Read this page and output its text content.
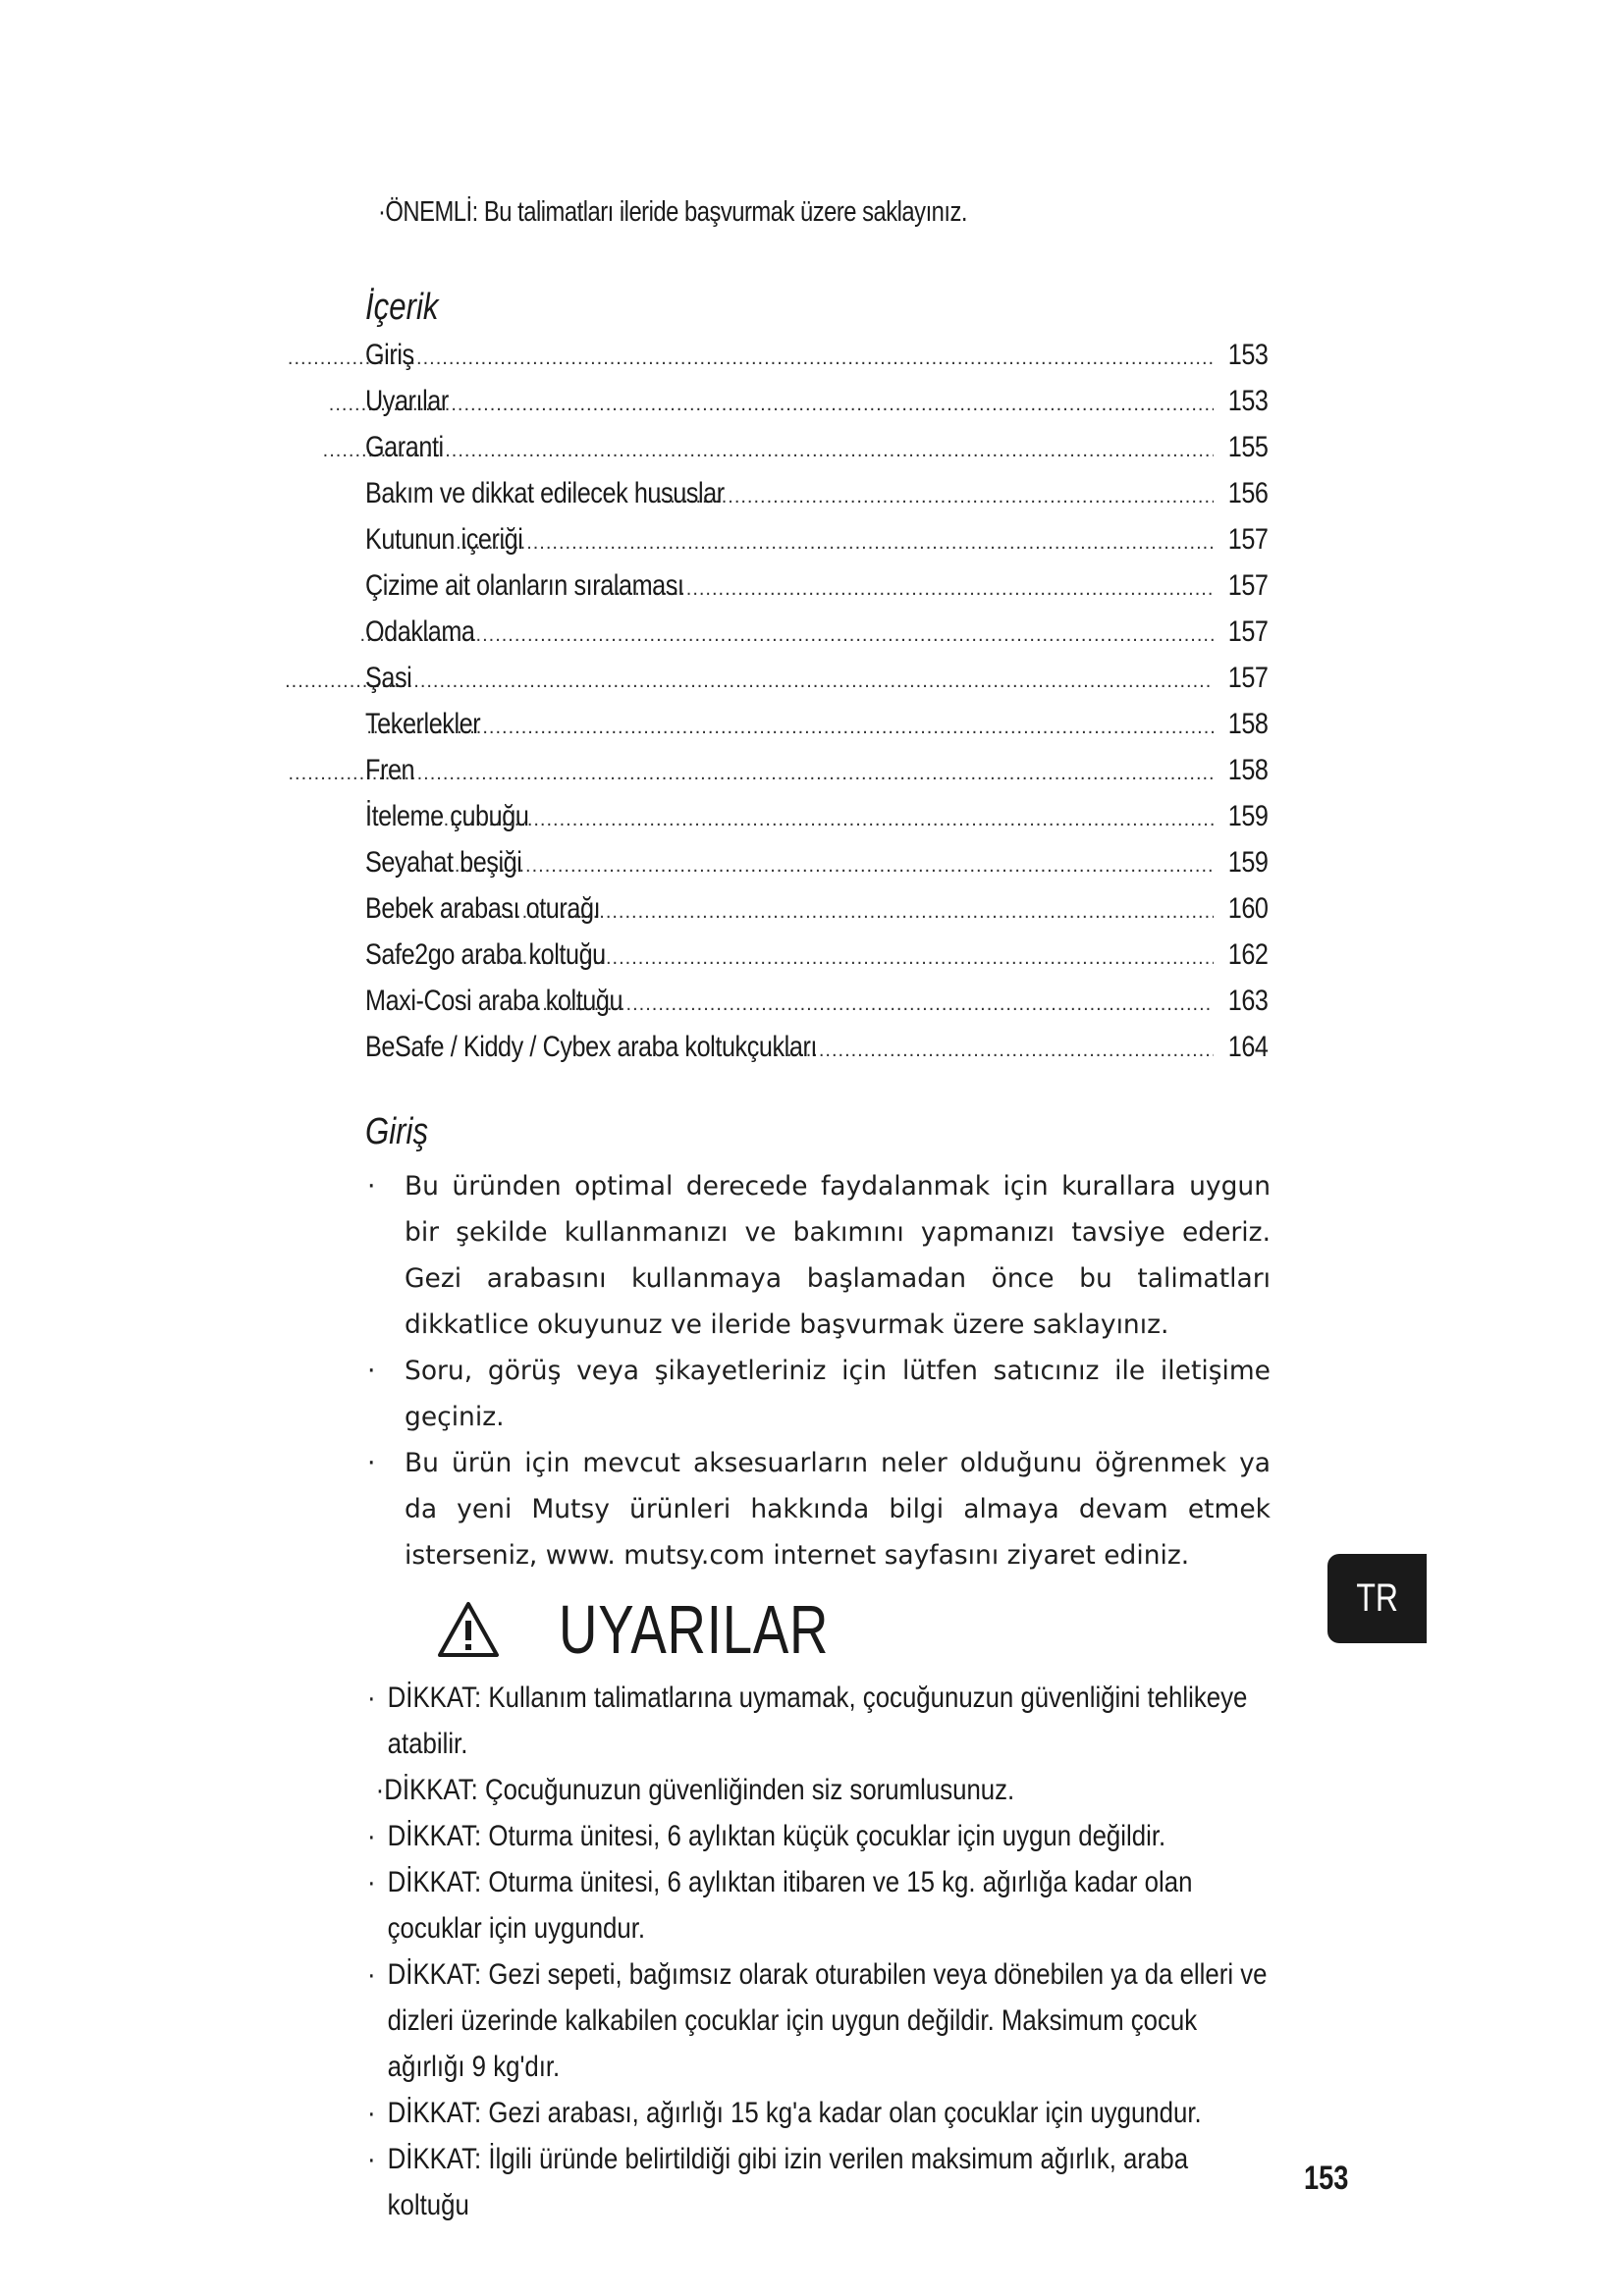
·ÖNEMLİ: Bu talimatları ileride başvurmak üzere saklayınız.
İçerik
Giriş .....	153
Uyarılar .....	153
Garanti .....	155
Bakım ve dikkat edilecek hususlar .....	156
Kutunun içeriği .....	157
Çizime ait olanların sıralaması .....	157
Odaklama .....	157
Şasi .....	157
Tekerlekler .....	158
Fren .....	158
İteleme çubuğu .....	159
Seyahat beşiği .....	159
Bebek arabası oturağı .....	160
Safe2go araba koltuğu .....	162
Maxi-Cosi araba koltuğu .....	163
BeSafe / Kiddy / Cybex araba koltukçukları .....	164
Giriş
·	Bu üründen optimal derecede faydalanmak için kurallara uygun bir şekilde kullanmanızı ve bakımını yapmanızı tavsiye ederiz. Gezi arabasını kullanmaya başlamadan önce bu talimatları dikkatlice okuyunuz ve ileride başvurmak üzere saklayınız.
·	Soru, görüş veya şikayetleriniz için lütfen satıcınız ile iletişime geçiniz.
·	Bu ürün için mevcut aksesuarların neler olduğunu öğrenmek ya da yeni Mutsy ürünleri hakkında bilgi almaya devam etmek isterseniz, www. mutsy.com internet sayfasını ziyaret ediniz.
TR
UYARILAR
· DİKKAT: Kullanım talimatlarına uymamak, çocuğunuzun güvenliğini tehlikeye atabilir.
·DİKKAT: Çocuğunuzun güvenliğinden siz sorumlusunuz.
· DİKKAT: Oturma ünitesi, 6 aylıktan küçük çocuklar için uygun değildir.
· DİKKAT: Oturma ünitesi, 6 aylıktan itibaren ve 15 kg. ağırlığa kadar olan çocuklar için uygundur.
· DİKKAT: Gezi sepeti, bağımsız olarak oturabilen veya dönebilen ya da elleri ve dizleri üzerinde kalkabilen çocuklar için uygun değildir. Maksimum çocuk ağırlığı 9 kg'dır.
· DİKKAT: Gezi arabası, ağırlığı 15 kg'a kadar olan çocuklar için uygundur.
· DİKKAT: İlgili üründe belirtildiği gibi izin verilen maksimum ağırlık, araba koltuğu
153
